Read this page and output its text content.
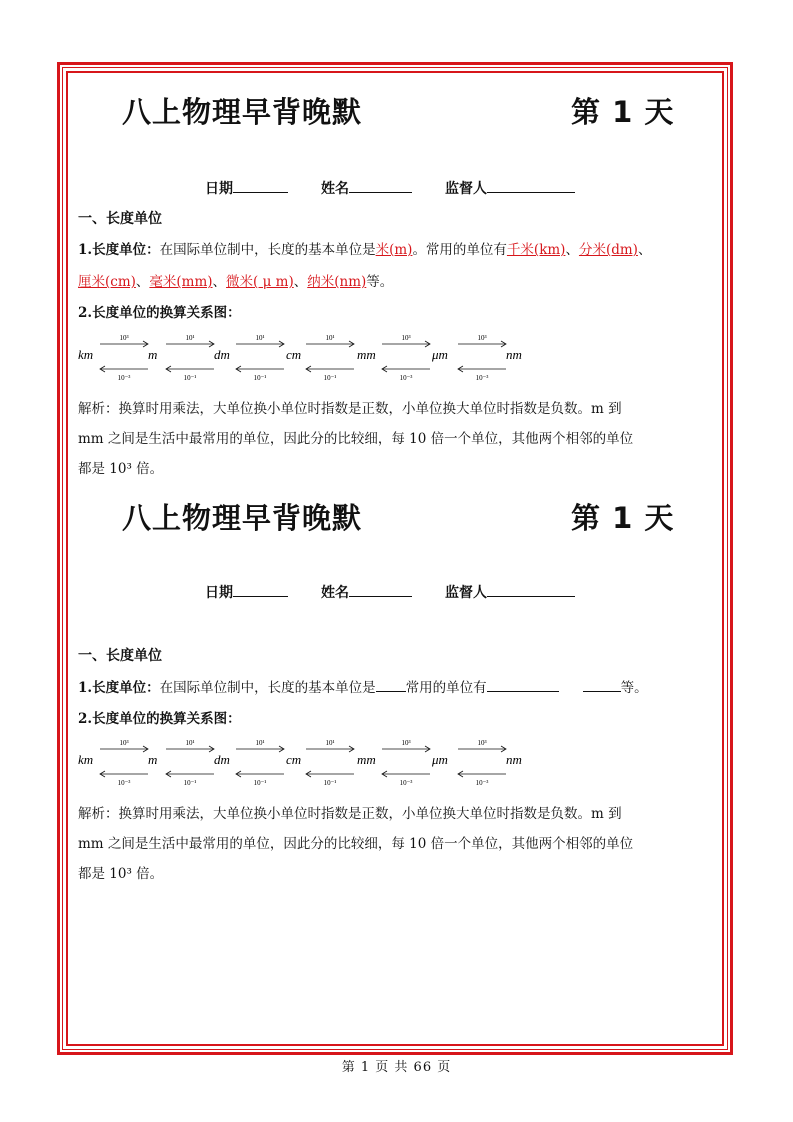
八上物理早背晚默	第 1 天
日期	姓名	监督人
一、长度单位
1.长度单位：在国际单位制中，长度的基本单位是米(m)。常用的单位有千米(km)、分米(dm)、
厘米(cm)、毫米(mm)、微米( μ m)、纳米(nm)等。
2.长度单位的换算关系图：
km	m	dm	cm	mm	μm	nm
10³	10¹	10¹	10¹	10³	10³
10⁻³	10⁻¹	10⁻¹	10⁻¹	10⁻³	10⁻³
解析：换算时用乘法，大单位换小单位时指数是正数，小单位换大单位时指数是负数。m 到
mm 之间是生活中最常用的单位，因此分的比较细，每 10 倍一个单位，其他两个相邻的单位
都是 10³ 倍。
八上物理早背晚默	第 1 天
日期	姓名	监督人
一、长度单位
1.长度单位：在国际单位制中，长度的基本单位是 常用的单位有	等。
2.长度单位的换算关系图：
km	m	dm	cm	mm	μm	nm
10³	10¹	10¹	10¹	10³	10³
10⁻³	10⁻¹	10⁻¹	10⁻¹	10⁻³	10⁻³
解析：换算时用乘法，大单位换小单位时指数是正数，小单位换大单位时指数是负数。m 到
mm 之间是生活中最常用的单位，因此分的比较细，每 10 倍一个单位，其他两个相邻的单位
都是 10³ 倍。
第 1 页 共 66 页
